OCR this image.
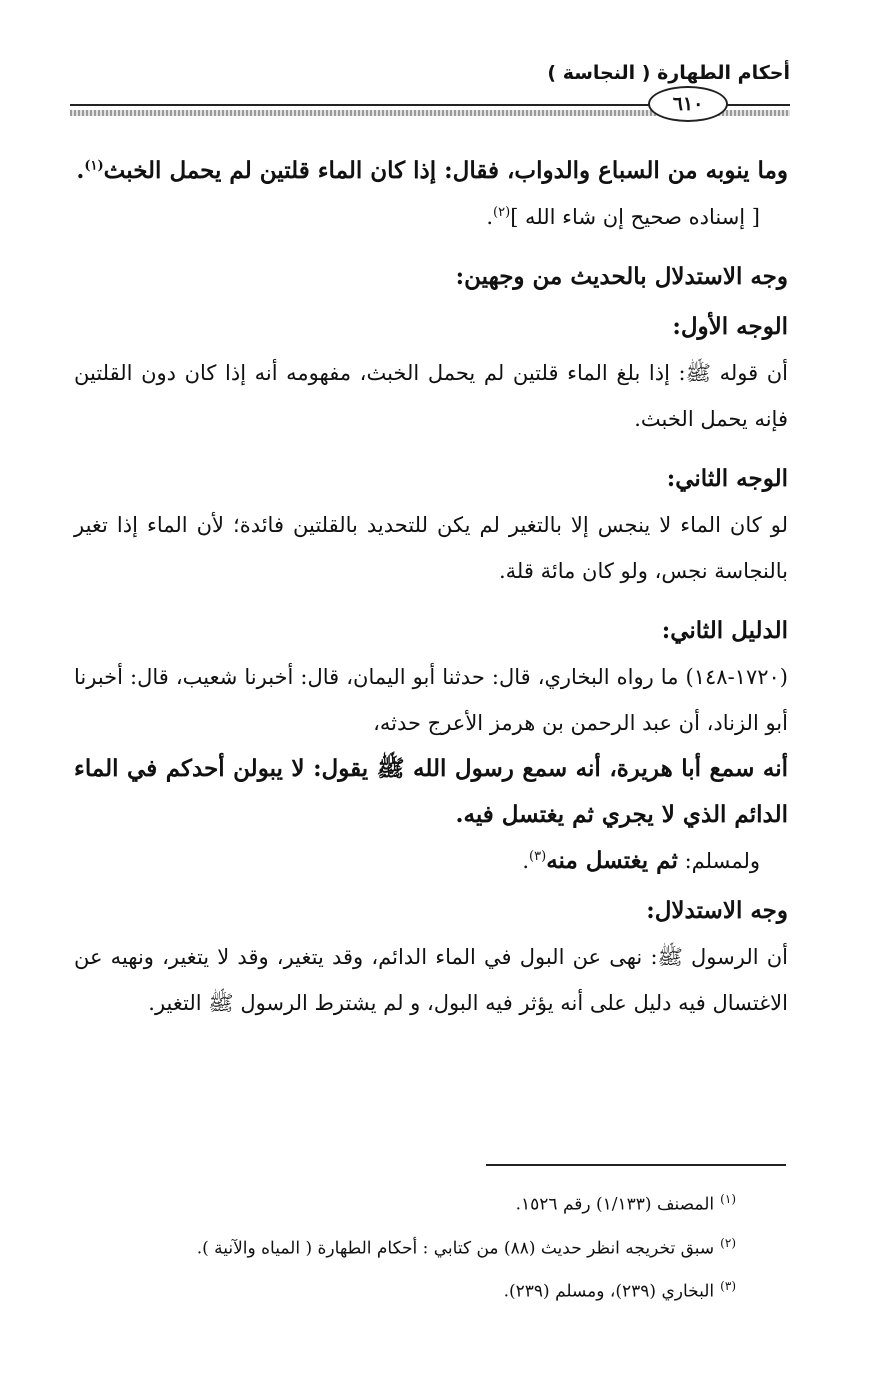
أحكام الطهارة ( النجاسة )
٦١٠

وما ينوبه من السباع والدواب، فقال: إذا كان الماء قلتين لم يحمل الخبث$^{(١)}$.

[ إسناده صحيح إن شاء الله ]$^{(٢)}$.

وجه الاستدلال بالحديث من وجهين:

الوجه الأول:

أن قوله ﷺ: إذا بلغ الماء قلتين لم يحمل الخبث، مفهومه أنه إذا كان دون القلتين فإنه يحمل الخبث.

الوجه الثاني:

لو كان الماء لا ينجس إلا بالتغير لم يكن للتحديد بالقلتين فائدة؛ لأن الماء إذا تغير بالنجاسة نجس، ولو كان مائة قلة.

الدليل الثاني:

(١٧٢٠-١٤٨) ما رواه البخاري، قال: حدثنا أبو اليمان، قال: أخبرنا شعيب، قال: أخبرنا أبو الزناد، أن عبد الرحمن بن هرمز الأعرج حدثه،

أنه سمع أبا هريرة، أنه سمع رسول الله ﷺ يقول: لا يبولن أحدكم في الماء الدائم الذي لا يجري ثم يغتسل فيه.

ولمسلم: ثم يغتسل منه$^{(٣)}$.

وجه الاستدلال:

أن الرسول ﷺ: نهى عن البول في الماء الدائم، وقد يتغير، وقد لا يتغير، ونهيه عن الاغتسال فيه دليل على أنه يؤثر فيه البول، و لم يشترط الرسول ﷺ التغير.

$^{(١)}$المصنف (١/١٣٣) رقم ١٥٢٦.

$^{(٢)}$سبق تخريجه انظر حديث (٨٨) من كتابي : أحكام الطهارة ( المياه والآنية ).

$^{(٣)}$البخاري (٢٣٩)، ومسلم (٢٣٩).
